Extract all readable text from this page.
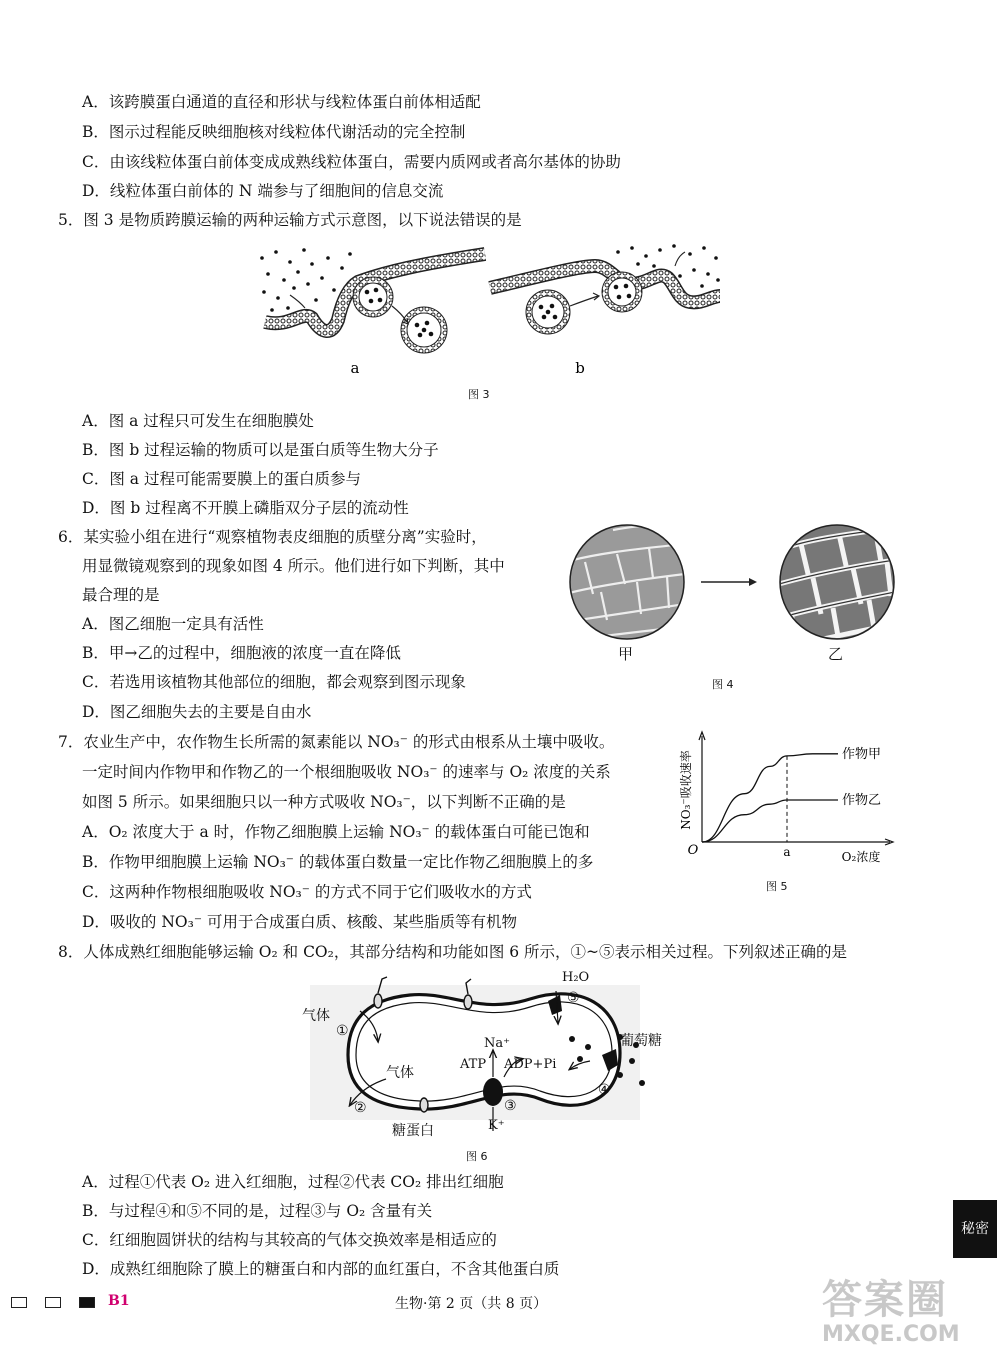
A．该跨膜蛋白通道的直径和形状与线粒体蛋白前体相适配
B．图示过程能反映细胞核对线粒体代谢活动的完全控制
C．由该线粒体蛋白前体变成成熟线粒体蛋白，需要内质网或者高尔基体的协助
D．线粒体蛋白前体的 N 端参与了细胞间的信息交流
5．图 3 是物质跨膜运输的两种运输方式示意图，以下说法错误的是
a	b
图 3
A．图 a 过程只可发生在细胞膜处
B．图 b 过程运输的物质可以是蛋白质等生物大分子
C．图 a 过程可能需要膜上的蛋白质参与
D．图 b 过程离不开膜上磷脂双分子层的流动性
6．某实验小组在进行“观察植物表皮细胞的质壁分离”实验时，
用显微镜观察到的现象如图 4 所示。他们进行如下判断，其中
最合理的是
A．图乙细胞一定具有活性
B．甲→乙的过程中，细胞液的浓度一直在降低
C．若选用该植物其他部位的细胞，都会观察到图示现象
D．图乙细胞失去的主要是自由水
甲	乙
图 4
7．农业生产中，农作物生长所需的氮素能以 NO₃⁻ 的形式由根系从土壤中吸收。
一定时间内作物甲和作物乙的一个根细胞吸收 NO₃⁻ 的速率与 O₂ 浓度的关系
如图 5 所示。如果细胞只以一种方式吸收 NO₃⁻，以下判断不正确的是
A．O₂ 浓度大于 a 时，作物乙细胞膜上运输 NO₃⁻ 的载体蛋白可能已饱和
B．作物甲细胞膜上运输 NO₃⁻ 的载体蛋白数量一定比作物乙细胞膜上的多
C．这两种作物根细胞吸收 NO₃⁻ 的方式不同于它们吸收水的方式
D．吸收的 NO₃⁻ 可用于合成蛋白质、核酸、某些脂质等有机物
NO₃⁻吸收速率
O	O₂浓度
a
作物甲
作物乙
图 5
8．人体成熟红细胞能够运输 O₂ 和 CO₂，其部分结构和功能如图 6 所示，①~⑤表示相关过程。下列叙述正确的是
气体
①
气体
②
糖蛋白
Na⁺
ATP ADP+Pi
③
K⁺
H₂O
⑤
葡萄糖
④
图 6
A．过程①代表 O₂ 进入红细胞，过程②代表 CO₂ 排出红细胞
B．与过程④和⑤不同的是，过程③与 O₂ 含量有关
C．红细胞圆饼状的结构与其较高的气体交换效率是相适应的
D．成熟红细胞除了膜上的糖蛋白和内部的血红蛋白，不含其他蛋白质
秘密
B1	生物·第 2 页（共 8 页）	答案圈
MXQE.COM
